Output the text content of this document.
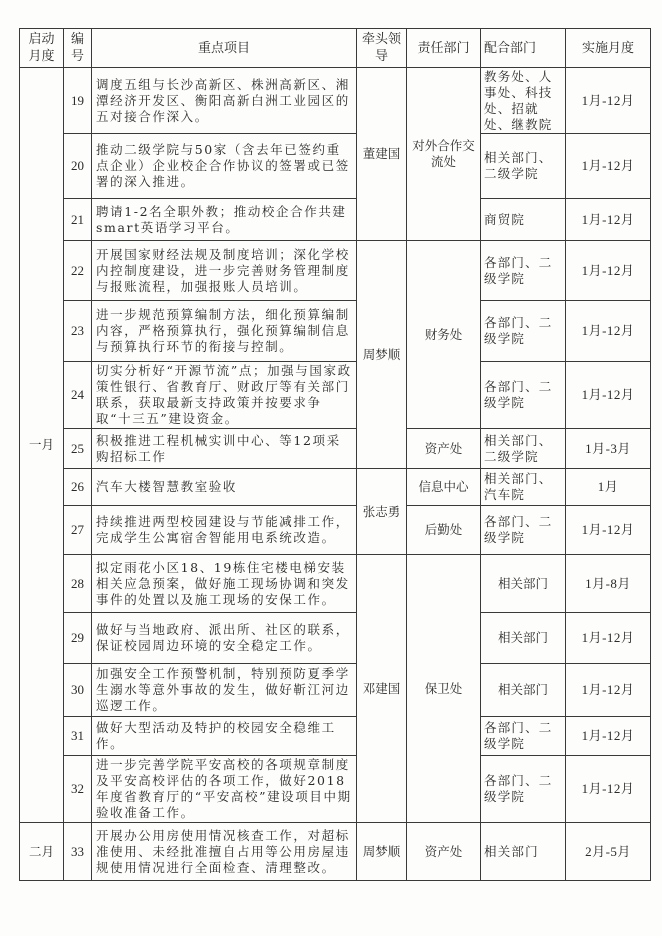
启动月度	编号	重点项目	牵头领导	责任部门	配合部门	实施月度
一月	19	调度五组与长沙高新区、株洲高新区、湘潭经济开发区、衡阳高新白洲工业园区的五对接合作深入。	董建国	对外合作交流处	教务处、人事处、科技处、招就处、继教院	1月-12月
	20	推动二级学院与50家（含去年已签约重点企业）企业校企合作协议的签署或已签署的深入推进。			相关部门、二级学院	1月-12月
	21	聘请1-2名全职外教；推动校企合作共建smart英语学习平台。			商贸院	1月-12月
	22	开展国家财经法规及制度培训；深化学校内控制度建设，进一步完善财务管理制度与报账流程，加强报账人员培训。	周梦顺	财务处	各部门、二级学院	1月-12月
	23	进一步规范预算编制方法，细化预算编制内容，严格预算执行，强化预算编制信息与预算执行环节的衔接与控制。			各部门、二级学院	1月-12月
	24	切实分析好“开源节流”点；加强与国家政策性银行、省教育厅、财政厅等有关部门联系，获取最新支持政策并按要求争取“十三五”建设资金。			各部门、二级学院	1月-12月
	25	积极推进工程机械实训中心、等12项采购招标工作		资产处	相关部门、二级学院	1月-3月
	26	汽车大楼智慧教室验收	张志勇	信息中心	相关部门、汽车院	1月
	27	持续推进两型校园建设与节能减排工作，完成学生公寓宿舍智能用电系统改造。		后勤处	各部门、二级学院	1月-12月
	28	拟定雨花小区18、19栋住宅楼电梯安装相关应急预案，做好施工现场协调和突发事件的处置以及施工现场的安保工作。	邓建国	保卫处	相关部门	1月-8月
	29	做好与当地政府、派出所、社区的联系，保证校园周边环境的安全稳定工作。			相关部门	1月-12月
	30	加强安全工作预警机制，特别预防夏季学生溺水等意外事故的发生，做好靳江河边巡逻工作。			相关部门	1月-12月
	31	做好大型活动及特护的校园安全稳维工作。			各部门、二级学院	1月-12月
	32	进一步完善学院平安高校的各项规章制度及平安高校评估的各项工作，做好2018年度省教育厅的“平安高校”建设项目中期验收准备工作。			各部门、二级学院	1月-12月
二月	33	开展办公用房使用情况核查工作，对超标准使用、未经批准擅自占用等公用房屋违规使用情况进行全面检查、清理整改。	周梦顺	资产处	相关部门	2月-5月
